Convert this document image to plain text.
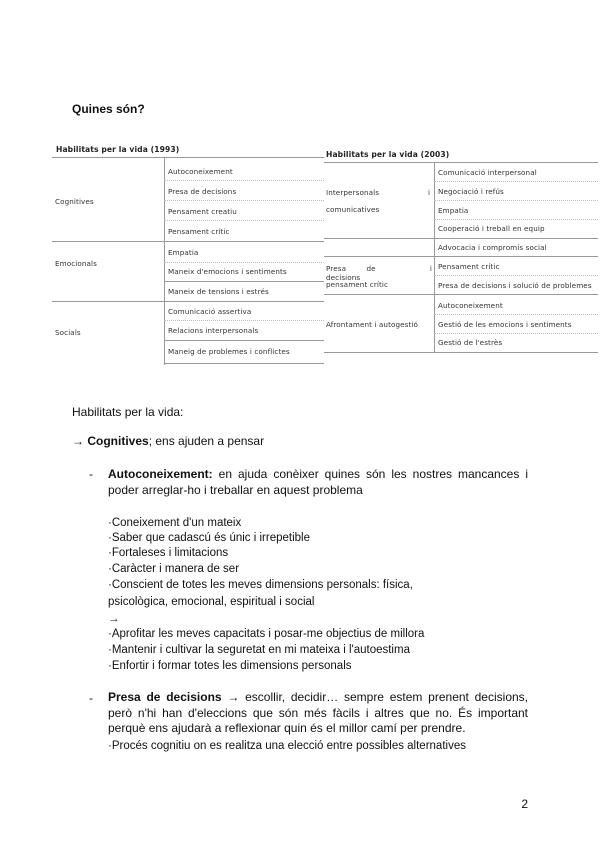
Quines són?
Habilitats per la vida (1993)
Cognitives
Autoconeixement
Presa de decisions
Pensament creatiu
Pensament crític
Emocionals
Empatia
Maneix d'emocions i sentiments
Maneix de tensions i estrés
Socials
Comunicació assertiva
Relacions interpersonals
Maneig de problemes i conflictes
Habilitats per la vida (2003)
Interpersonals	i
comunicatives
Comunicació interpersonal
Negociació i refús
Empatia
Cooperació i treball en equip
Advocacia i compromís social
Presa de decisions
i
pensament crític
Pensament crític
Presa de decisions i solució de problemes
Afrontament i autogestió
Autoconeixement
Gestió de les emocions i sentiments
Gestió de l'estrès
Habilitats per la vida:
→ Cognitives; ens ajuden a pensar
- Autoconeixement: en ajuda conèixer quines són les nostres mancances i poder arreglar-ho i treballar en aquest problema
·Coneixement d'un mateix
·Saber que cadascú és únic i irrepetible
·Fortaleses i limitacions
·Caràcter i manera de ser
·Conscient de totes les meves dimensions personals: física,
psicològica, emocional, espiritual i social
→
·Aprofitar les meves capacitats i posar-me objectius de millora
·Mantenir i cultivar la seguretat en mi mateixa i l'autoestima
·Enfortir i formar totes les dimensions personals
- Presa de decisions → escollir, decidir… sempre estem prenent decisions, però n'hi han d'eleccions que són més fàcils i altres que no. És important perquè ens ajudarà a reflexionar quin és el millor camí per prendre.
·Procés cognitiu on es realitza una elecció entre possibles alternatives
2
